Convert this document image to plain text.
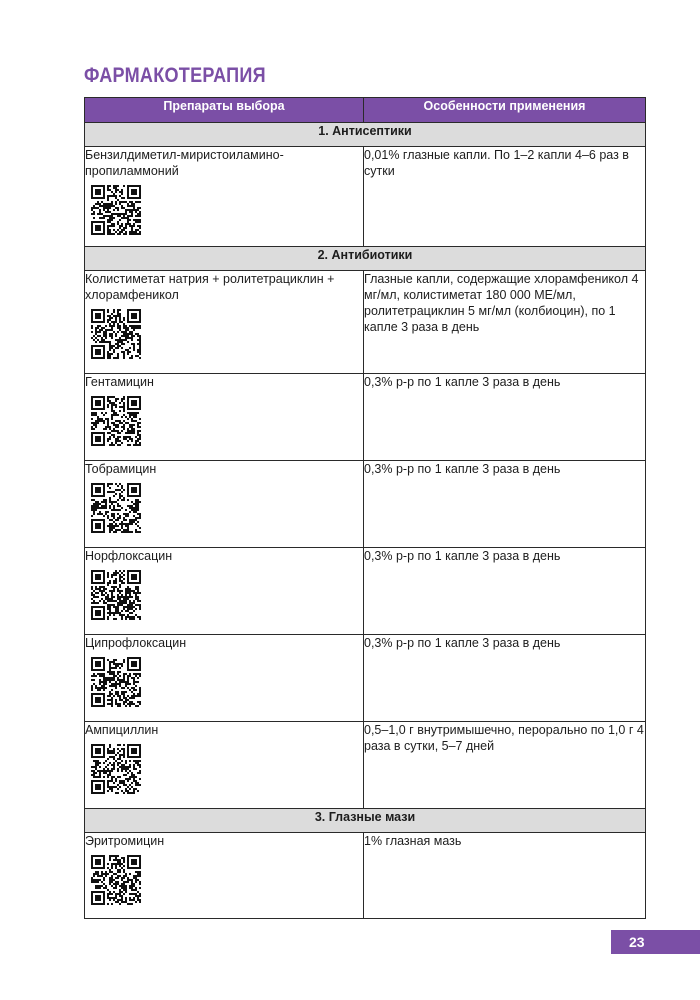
ФАРМАКОТЕРАПИЯ
Препараты выбора	Особенности применения
1. Антисептики	

Бензилдиметил-миристоиламино-пропиламмоний	0,01% глазные капли. По 1–2 капли 4–6 раз в сутки
2. Антибиотики	

Колистиметат натрия + ролитетрациклин + хлорамфеникол	Глазные капли, содержащие хлорамфеникол 4 мг/мл, колистиметат 180 000 МЕ/мл, ролитетрациклин 5 мг/мл (колбиоцин), по 1 капле 3 раза в день

Гентамицин	0,3% р-р по 1 капле 3 раза в день

Тобрамицин	0,3% р-р по 1 капле 3 раза в день

Норфлоксацин	0,3% р-р по 1 капле 3 раза в день

Ципрофлоксацин	0,3% р-р по 1 капле 3 раза в день

Ампициллин	0,5–1,0 г внутримышечно, перорально по 1,0 г 4 раза в сутки, 5–7 дней
3. Глазные мази	

Эритромицин	1% глазная мазь
23
